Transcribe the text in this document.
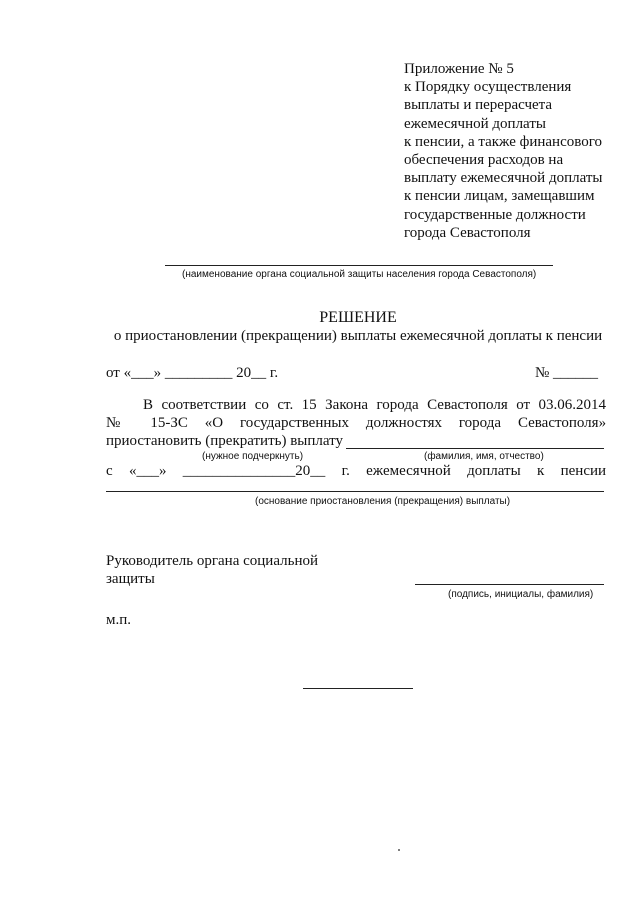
Приложение № 5
к Порядку осуществления
выплаты и перерасчета
ежемесячной доплаты
к пенсии, а также финансового
обеспечения расходов на
выплату ежемесячной доплаты
к пенсии лицам, замещавшим
государственные должности
города Севастополя
(наименование органа социальной защиты населения города Севастополя)
РЕШЕНИЕ
о приостановлении (прекращении) выплаты ежемесячной доплаты к пенсии
от «___» _________ 20__ г.	№ ______
В соответствии со ст. 15 Закона города Севастополя от 03.06.2014
№ 15-ЗС «О государственных должностях города Севастополя»
приостановить (прекратить) выплату
(нужное подчеркнуть)	(фамилия, имя, отчество)
с «___» _______________20__ г. ежемесячной доплаты к пенсии
(основание приостановления (прекращения) выплаты)
Руководитель органа социальной
защиты
(подпись, инициалы, фамилия)
м.п.
